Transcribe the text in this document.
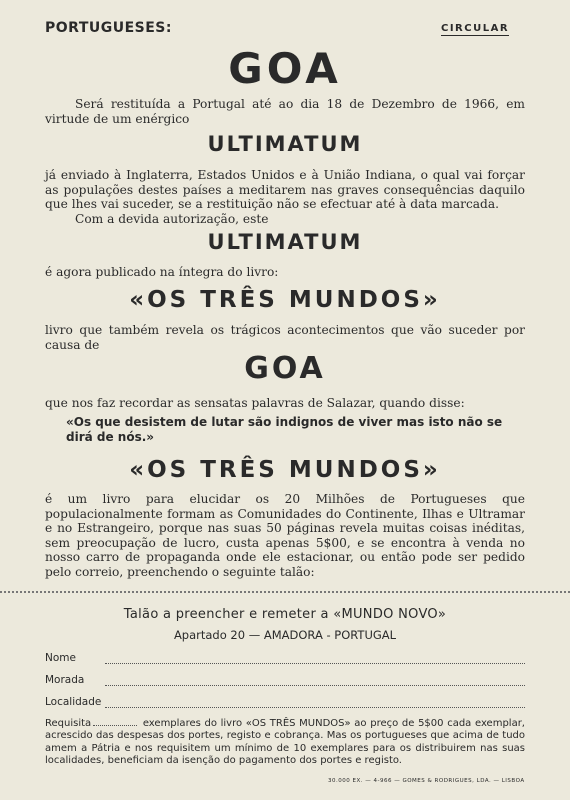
PORTUGUESES:	CIRCULAR
GOA
Será restituída a Portugal até ao dia 18 de Dezembro de 1966, em virtude de um enérgico
ULTIMATUM
já enviado à Inglaterra, Estados Unidos e à União Indiana, o qual vai forçar as populações destes países a meditarem nas graves consequências daquilo que lhes vai suceder, se a restituição não se efectuar até à data marcada.
Com a devida autorização, este
ULTIMATUM
é agora publicado na íntegra do livro:
«OS TRÊS MUNDOS»
livro que também revela os trágicos acontecimentos que vão suceder por causa de
GOA
que nos faz recordar as sensatas palavras de Salazar, quando disse:
«Os que desistem de lutar são indignos de viver mas isto não se dirá de nós.»
«OS TRÊS MUNDOS»
é um livro para elucidar os 20 Milhões de Portugueses que populacionalmente formam as Comunidades do Continente, Ilhas e Ultramar e no Estrangeiro, porque nas suas 50 páginas revela muitas coisas inéditas, sem preocupação de lucro, custa apenas 5$00, e se encontra à venda no nosso carro de propaganda onde ele estacionar, ou então pode ser pedido pelo correio, preenchendo o seguinte talão:
Talão a preencher e remeter a «MUNDO NOVO»
Apartado 20 — AMADORA - PORTUGAL
Nome
Morada
Localidade
Requisita	exemplares do livro «OS TRÊS MUNDOS» ao preço de 5$00 cada exemplar, acrescido das despesas dos portes, registo e cobrança. Mas os portugueses que acima de tudo amem a Pátria e nos requisitem um mínimo de 10 exemplares para os distribuirem nas suas localidades, beneficiam da isenção do pagamento dos portes e registo.
30.000 EX. — 4-966 — GOMES & RODRIGUES, LDA. — LISBOA
